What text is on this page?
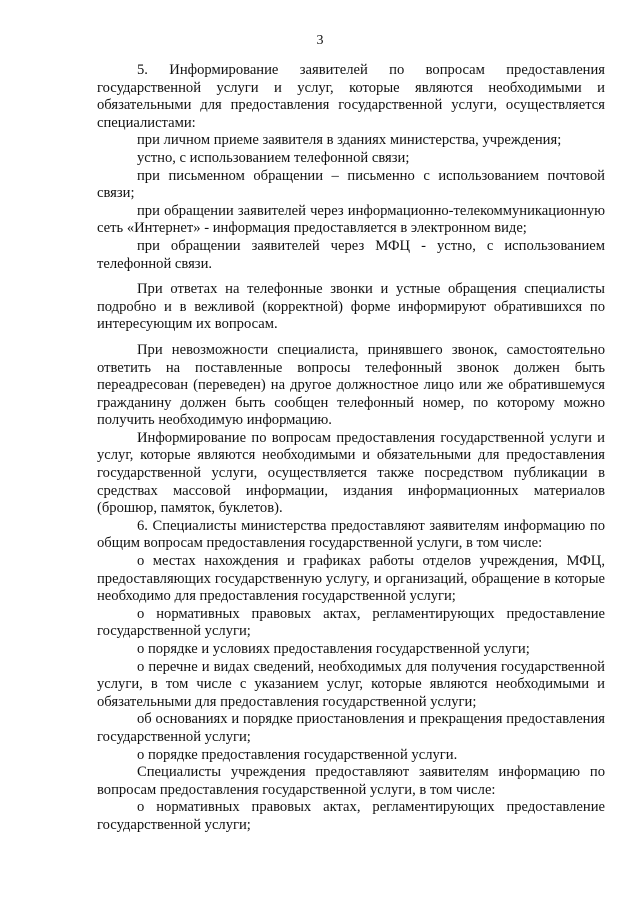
3

5. Информирование заявителей по вопросам предоставления государственной услуги и услуг, которые являются необходимыми и обязательными для предоставления государственной услуги, осуществляется специалистами:

при личном приеме заявителя в зданиях министерства, учреждения;

устно, с использованием телефонной связи;

при письменном обращении – письменно с использованием почтовой связи;

при обращении заявителей через информационно-телекоммуникационную сеть «Интернет» - информация предоставляется в электронном виде;

при обращении заявителей через МФЦ - устно, с использованием телефонной связи.

При ответах на телефонные звонки и устные обращения специалисты подробно и в вежливой (корректной) форме информируют обратившихся по интересующим их вопросам.

При невозможности специалиста, принявшего звонок, самостоятельно ответить на поставленные вопросы телефонный звонок должен быть переадресован (переведен) на другое должностное лицо или же обратившемуся гражданину должен быть сообщен телефонный номер, по которому можно получить необходимую информацию.

Информирование по вопросам предоставления государственной услуги и услуг, которые являются необходимыми и обязательными для предоставления государственной услуги, осуществляется также посредством публикации в средствах массовой информации, издания информационных материалов (брошюр, памяток, буклетов).

6. Специалисты министерства предоставляют заявителям информацию по общим вопросам предоставления государственной услуги, в том числе:

о местах нахождения и графиках работы отделов учреждения, МФЦ, предоставляющих государственную услугу, и организаций, обращение в которые необходимо для предоставления государственной услуги;

о нормативных правовых актах, регламентирующих предоставление государственной услуги;

о порядке и условиях предоставления государственной услуги;

о перечне и видах сведений, необходимых для получения государственной услуги, в том числе с указанием услуг, которые являются необходимыми и обязательными для предоставления государственной услуги;

об основаниях и порядке приостановления и прекращения предоставления государственной услуги;

о порядке предоставления государственной услуги.

Специалисты учреждения предоставляют заявителям информацию по вопросам предоставления государственной услуги, в том числе:

о нормативных правовых актах, регламентирующих предоставление государственной услуги;
